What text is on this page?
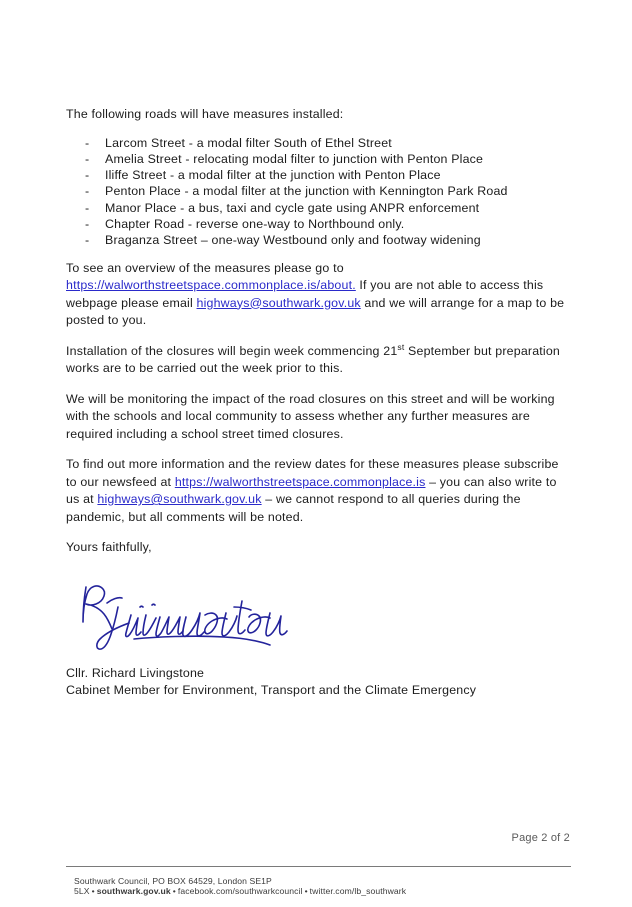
The following roads will have measures installed:

- Larcom Street - a modal filter South of Ethel Street
- Amelia Street - relocating modal filter to junction with Penton Place
- Iliffe Street - a modal filter at the junction with Penton Place
- Penton Place - a modal filter at the junction with Kennington Park Road
- Manor Place - a bus, taxi and cycle gate using ANPR enforcement
- Chapter Road - reverse one-way to Northbound only.
- Braganza Street – one-way Westbound only and footway widening

To see an overview of the measures please go to https://walworthstreetspace.commonplace.is/about. If you are not able to access this webpage please email highways@southwark.gov.uk and we will arrange for a map to be posted to you.

Installation of the closures will begin week commencing 21st September but preparation works are to be carried out the week prior to this.

We will be monitoring the impact of the road closures on this street and will be working with the schools and local community to assess whether any further measures are required including a school street timed closures.

To find out more information and the review dates for these measures please subscribe to our newsfeed at https://walworthstreetspace.commonplace.is – you can also write to us at highways@southwark.gov.uk – we cannot respond to all queries during the pandemic, but all comments will be noted.

Yours faithfully,

Cllr. Richard Livingstone
Cabinet Member for Environment, Transport and the Climate Emergency
Page 2 of 2
Southwark Council, PO BOX 64529, London SE1P 5LX • southwark.gov.uk • facebook.com/southwarkcouncil • twitter.com/lb_southwark
